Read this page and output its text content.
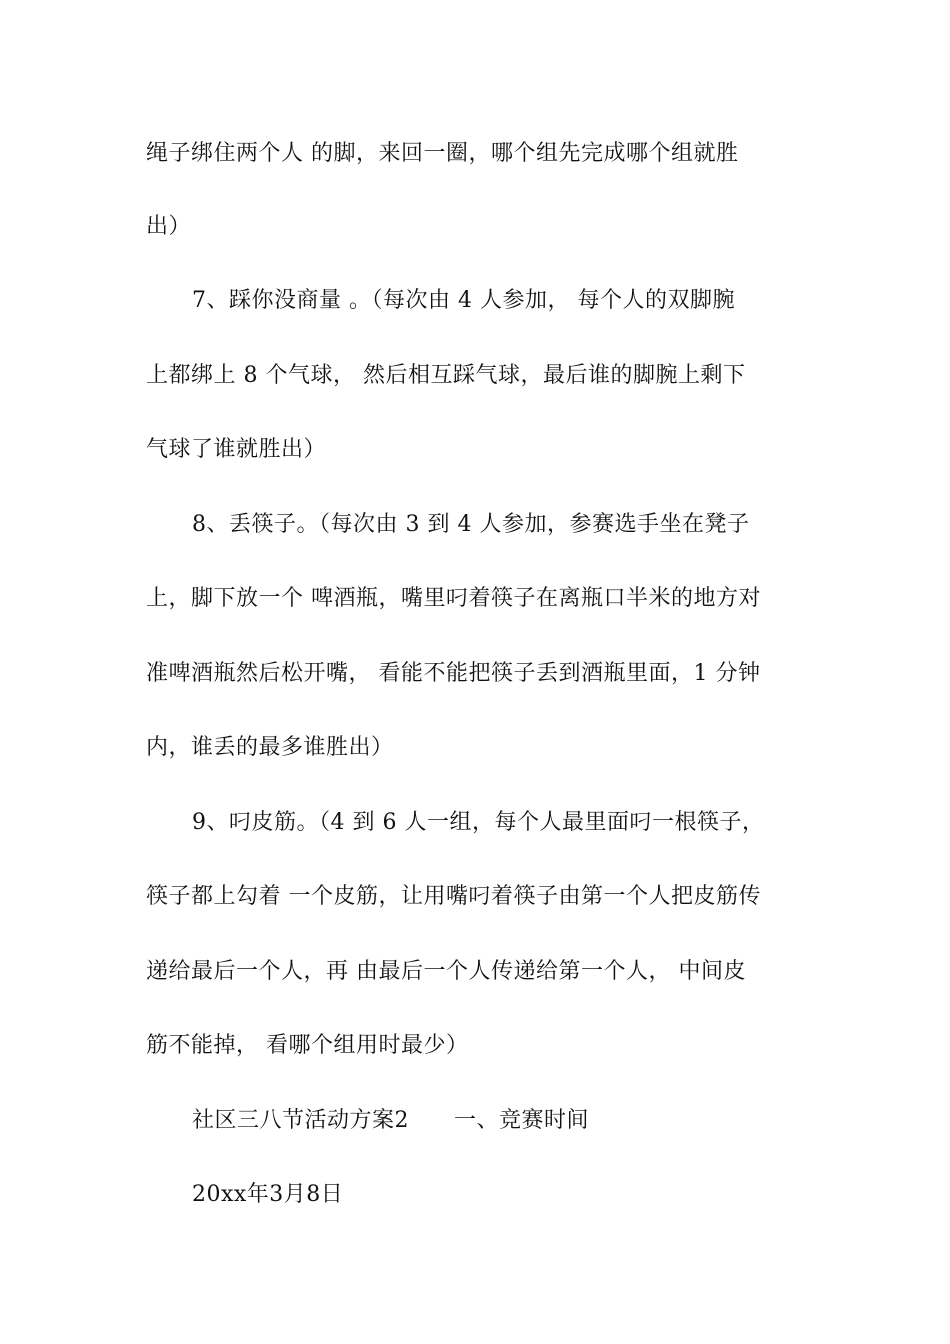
绳子绑住两个人 的脚，来回一圈，哪个组先完成哪个组就胜
出）
7、踩你没商量 。（每次由 4 人参加， 每个人的双脚腕
上都绑上 8 个气球， 然后相互踩气球，最后谁的脚腕上剩下
气球了谁就胜出）
8、丢筷子。（每次由 3 到 4 人参加，参赛选手坐在凳子
上，脚下放一个 啤酒瓶，嘴里叼着筷子在离瓶口半米的地方对
准啤酒瓶然后松开嘴， 看能不能把筷子丢到酒瓶里面，1 分钟
内，谁丢的最多谁胜出）
9、叼皮筋。（4 到 6 人一组，每个人最里面叼一根筷子，
筷子都上勾着 一个皮筋，让用嘴叼着筷子由第一个人把皮筋传
递给最后一个人，再 由最后一个人传递给第一个人， 中间皮
筋不能掉， 看哪个组用时最少）
社区三八节活动方案2　　一、竞赛时间
20xx年3月8日
